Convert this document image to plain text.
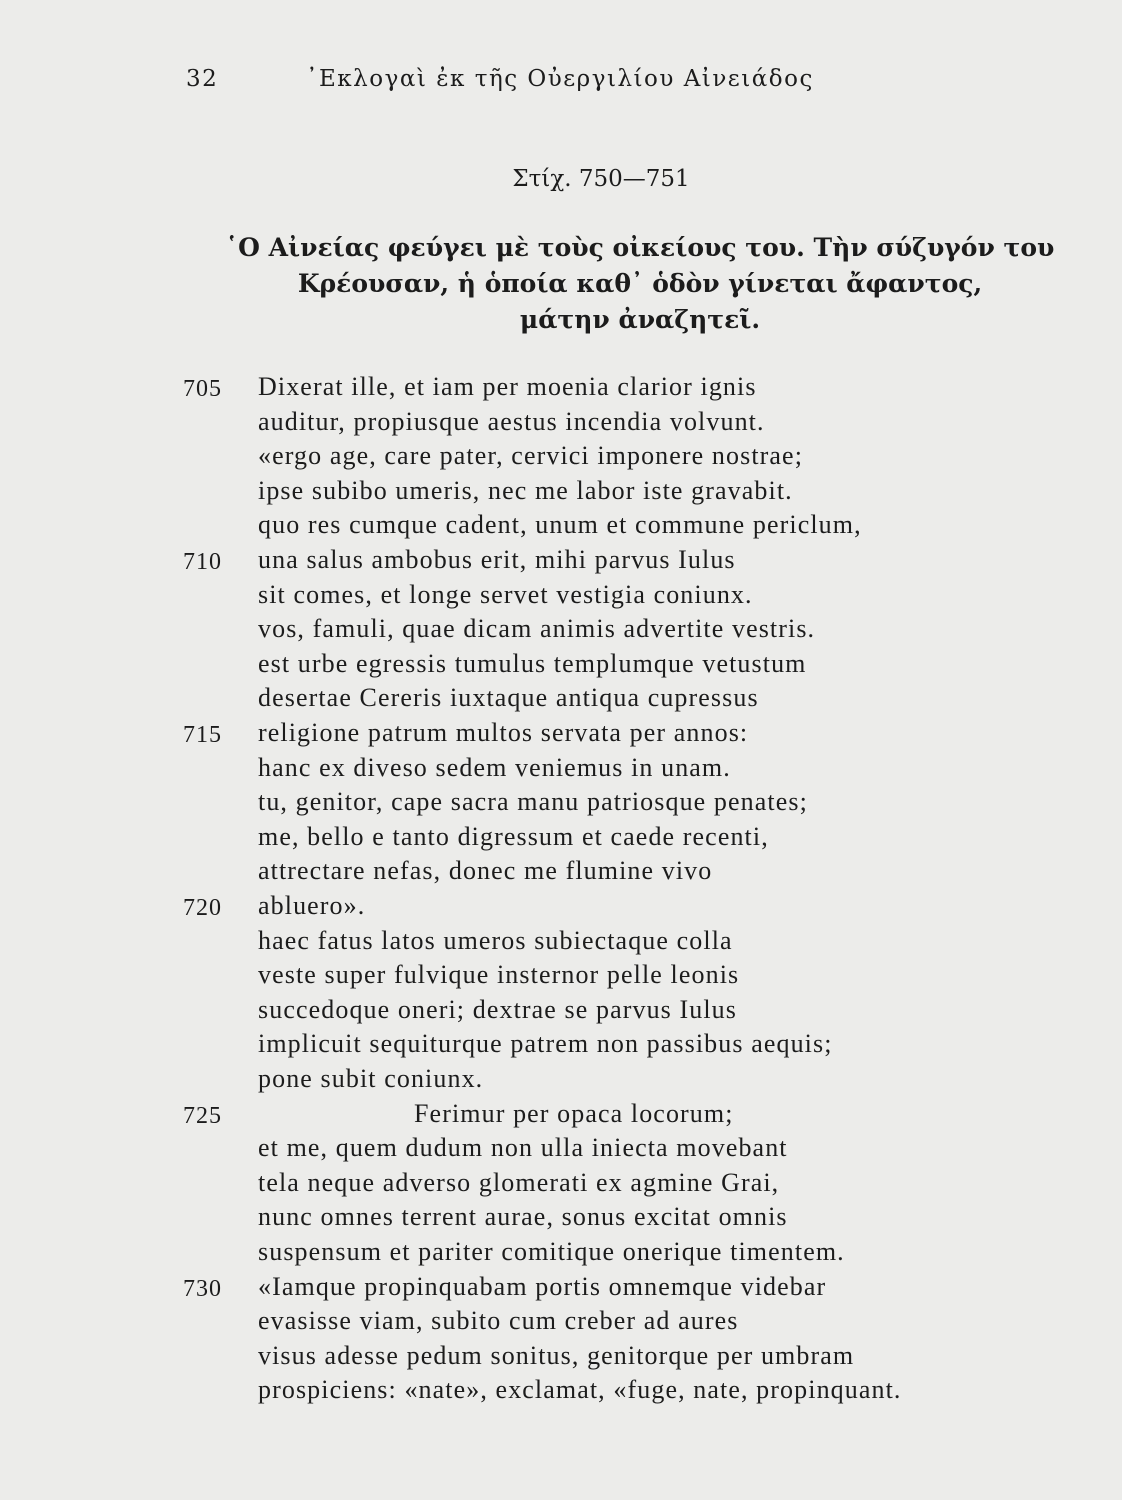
32	᾿Εκλογαὶ ἐκ τῆς Οὐεργιλίου Αἰνειάδος
Στίχ. 750—751
῾Ο Αἰνείας φεύγει μὲ τοὺς οἰκείους του. Τὴν σύζυγόν του
Κρέουσαν, ἡ ὁποία καθ᾿ ὁδὸν γίνεται ἄφαντος,
μάτην ἀναζητεῖ.
705 Dixerat ille, et iam per moenia clarior ignis
auditur, propiusque aestus incendia volvunt.
«ergo age, care pater, cervici imponere nostrae;
ipse subibo umeris, nec me labor iste gravabit.
quo res cumque cadent, unum et commune periclum,
710 una salus ambobus erit, mihi parvus Iulus
sit comes, et longe servet vestigia coniunx.
vos, famuli, quae dicam animis advertite vestris.
est urbe egressis tumulus templumque vetustum
desertae Cereris iuxtaque antiqua cupressus
715 religione patrum multos servata per annos:
hanc ex diveso sedem veniemus in unam.
tu, genitor, cape sacra manu patriosque penates;
me, bello e tanto digressum et caede recenti,
attrectare nefas, donec me flumine vivo
720 abluero».
haec fatus latos umeros subiectaque colla
veste super fulvique insternor pelle leonis
succedoque oneri; dextrae se parvus Iulus
implicuit sequiturque patrem non passibus aequis;
pone subit coniunx.
725	Ferimur per opaca locorum;
et me, quem dudum non ulla iniecta movebant
tela neque adverso glomerati ex agmine Grai,
nunc omnes terrent aurae, sonus excitat omnis
suspensum et pariter comitique onerique timentem.
730 «Iamque propinquabam portis omnemque videbar
evasisse viam, subito cum creber ad aures
visus adesse pedum sonitus, genitorque per umbram
prospiciens: «nate», exclamat, «fuge, nate, propinquant.
